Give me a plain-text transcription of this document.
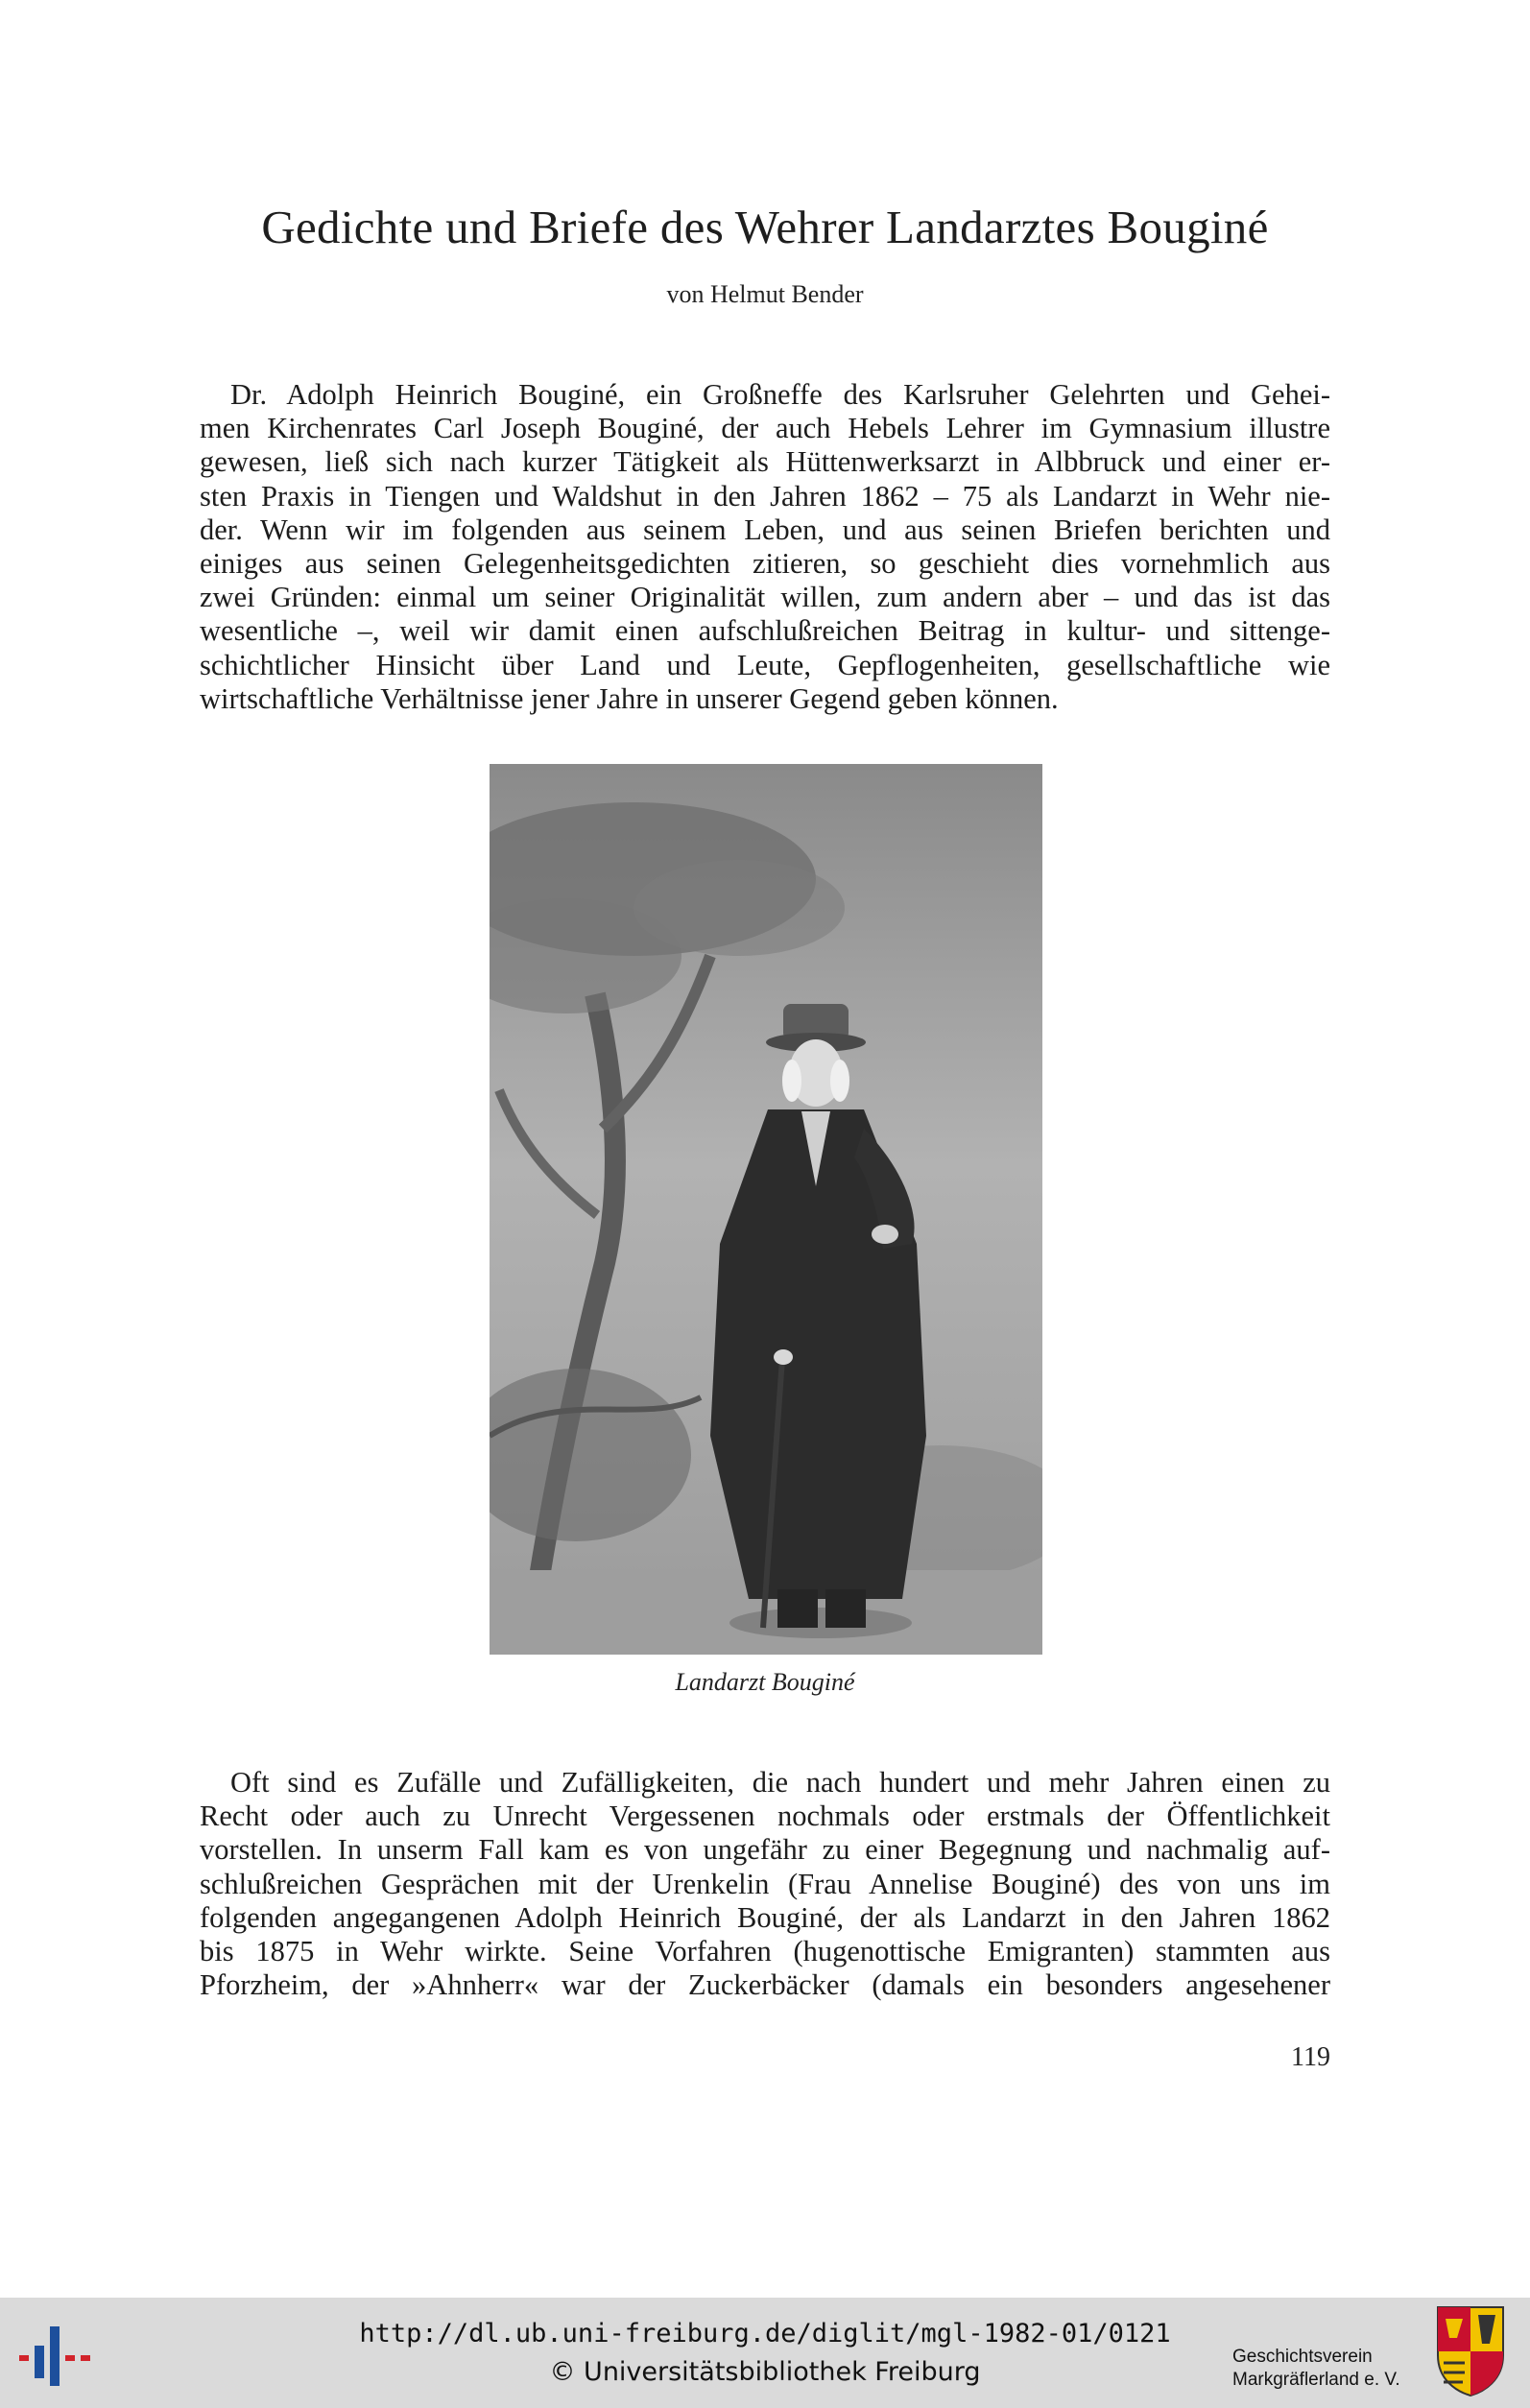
Gedichte und Briefe des Wehrer Landarztes Bouginé
von Helmut Bender
Dr. Adolph Heinrich Bouginé, ein Großneffe des Karlsruher Gelehrten und Gehei-
men Kirchenrates Carl Joseph Bouginé, der auch Hebels Lehrer im Gymnasium illustre
gewesen, ließ sich nach kurzer Tätigkeit als Hüttenwerksarzt in Albbruck und einer er-
sten Praxis in Tiengen und Waldshut in den Jahren 1862 – 75 als Landarzt in Wehr nie-
der. Wenn wir im folgenden aus seinem Leben, und aus seinen Briefen berichten und
einiges aus seinen Gelegenheitsgedichten zitieren, so geschieht dies vornehmlich aus
zwei Gründen: einmal um seiner Originalität willen, zum andern aber – und das ist das
wesentliche –, weil wir damit einen aufschlußreichen Beitrag in kultur- und sittenge-
schichtlicher Hinsicht über Land und Leute, Gepflogenheiten, gesellschaftliche wie
wirtschaftliche Verhältnisse jener Jahre in unserer Gegend geben können.
Landarzt Bouginé
Oft sind es Zufälle und Zufälligkeiten, die nach hundert und mehr Jahren einen zu
Recht oder auch zu Unrecht Vergessenen nochmals oder erstmals der Öffentlichkeit
vorstellen. In unserm Fall kam es von ungefähr zu einer Begegnung und nachmalig auf-
schlußreichen Gesprächen mit der Urenkelin (Frau Annelise Bouginé) des von uns im
folgenden angegangenen Adolph Heinrich Bouginé, der als Landarzt in den Jahren 1862
bis 1875 in Wehr wirkte. Seine Vorfahren (hugenottische Emigranten) stammten aus
Pforzheim, der »Ahnherr« war der Zuckerbäcker (damals ein besonders angesehener
119
http://dl.ub.uni-freiburg.de/diglit/mgl-1982-01/0121
© Universitätsbibliothek Freiburg
Geschichtsverein
Markgräflerland e. V.
